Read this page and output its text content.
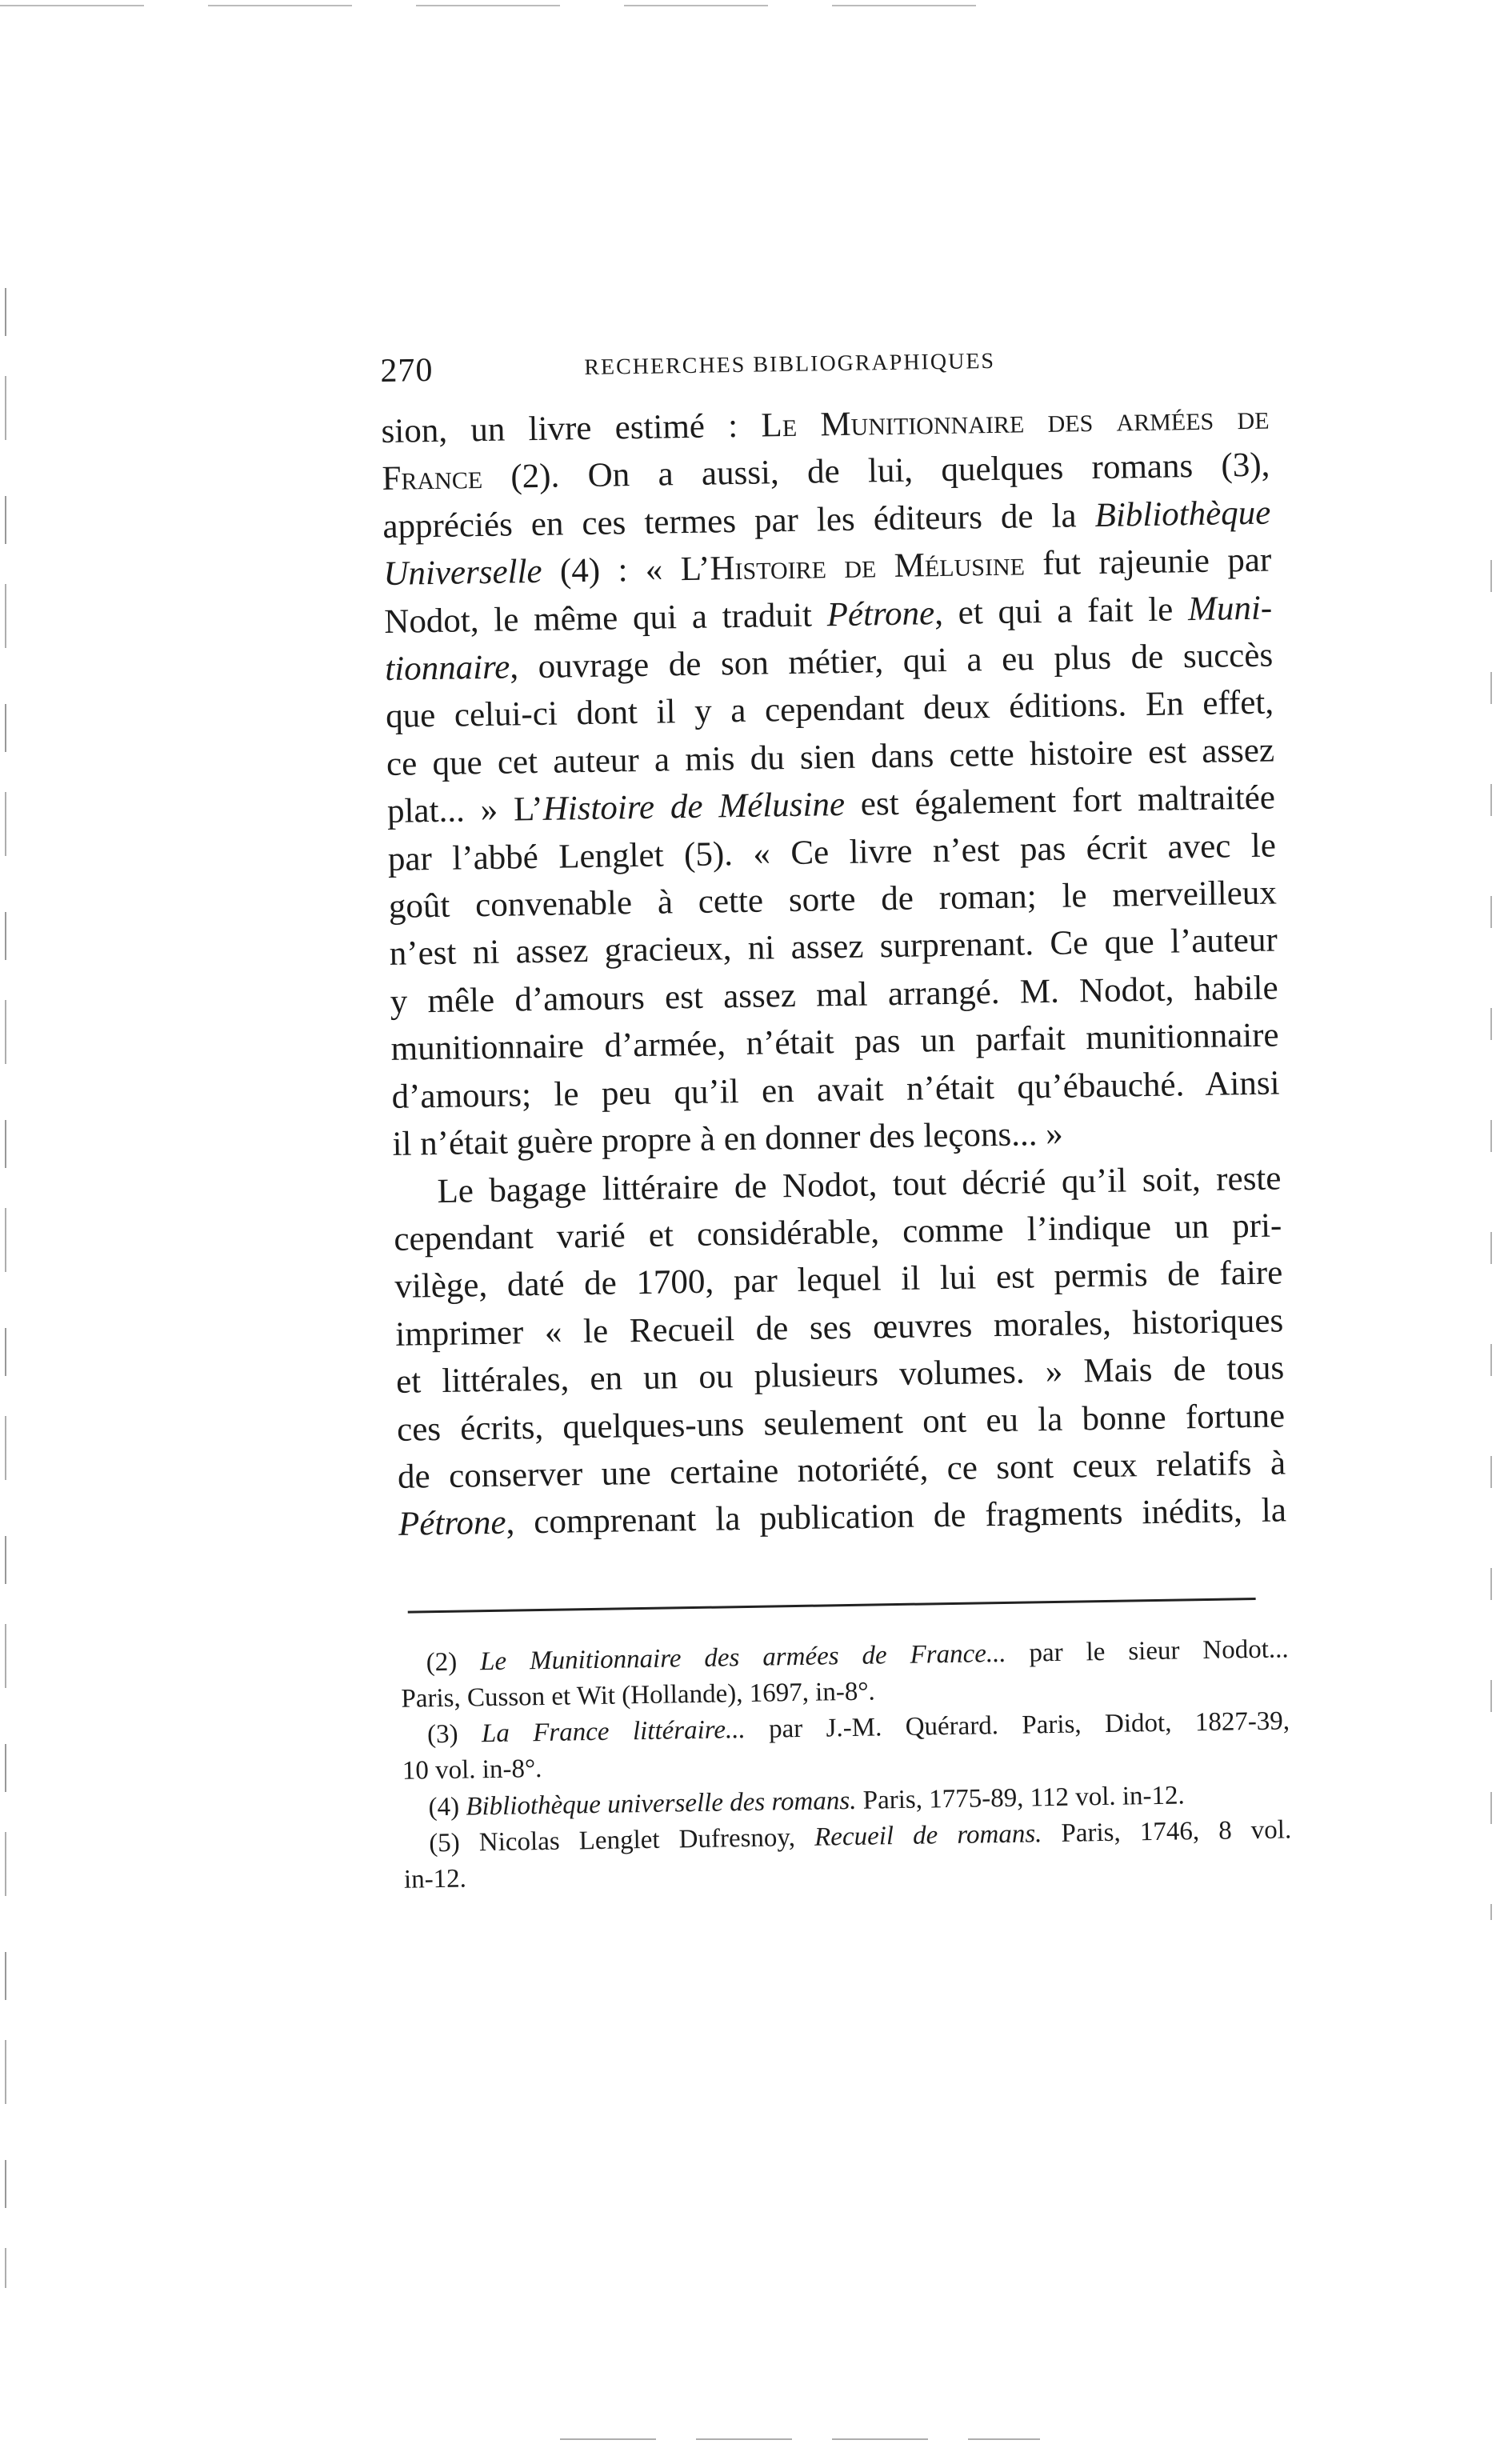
270	RECHERCHES BIBLIOGRAPHIQUES
sion, un livre estimé : Le Munitionnaire des armées de
France (2). On a aussi, de lui, quelques romans (3),
appréciés en ces termes par les éditeurs de la Bibliothèque
Universelle (4) : « L’Histoire de Mélusine fut rajeunie par
Nodot, le même qui a traduit Pétrone, et qui a fait le Muni-
tionnaire, ouvrage de son métier, qui a eu plus de succès
que celui-ci dont il y a cependant deux éditions. En effet,
ce que cet auteur a mis du sien dans cette histoire est assez
plat... » L’Histoire de Mélusine est également fort maltraitée
par l’abbé Lenglet (5). « Ce livre n’est pas écrit avec le
goût convenable à cette sorte de roman; le merveilleux
n’est ni assez gracieux, ni assez surprenant. Ce que l’auteur
y mêle d’amours est assez mal arrangé. M. Nodot, habile
munitionnaire d’armée, n’était pas un parfait munitionnaire
d’amours; le peu qu’il en avait n’était qu’ébauché. Ainsi
il n’était guère propre à en donner des leçons... »
Le bagage littéraire de Nodot, tout décrié qu’il soit, reste
cependant varié et considérable, comme l’indique un pri-
vilège, daté de 1700, par lequel il lui est permis de faire
imprimer « le Recueil de ses œuvres morales, historiques
et littérales, en un ou plusieurs volumes. » Mais de tous
ces écrits, quelques-uns seulement ont eu la bonne fortune
de conserver une certaine notoriété, ce sont ceux relatifs à
Pétrone, comprenant la publication de fragments inédits, la
(2) Le Munitionnaire des armées de France... par le sieur Nodot...
Paris, Cusson et Wit (Hollande), 1697, in-8°.
(3) La France littéraire... par J.-M. Quérard. Paris, Didot, 1827-39,
10 vol. in-8°.
(4) Bibliothèque universelle des romans. Paris, 1775-89, 112 vol. in-12.
(5) Nicolas Lenglet Dufresnoy, Recueil de romans. Paris, 1746, 8 vol.
in-12.
